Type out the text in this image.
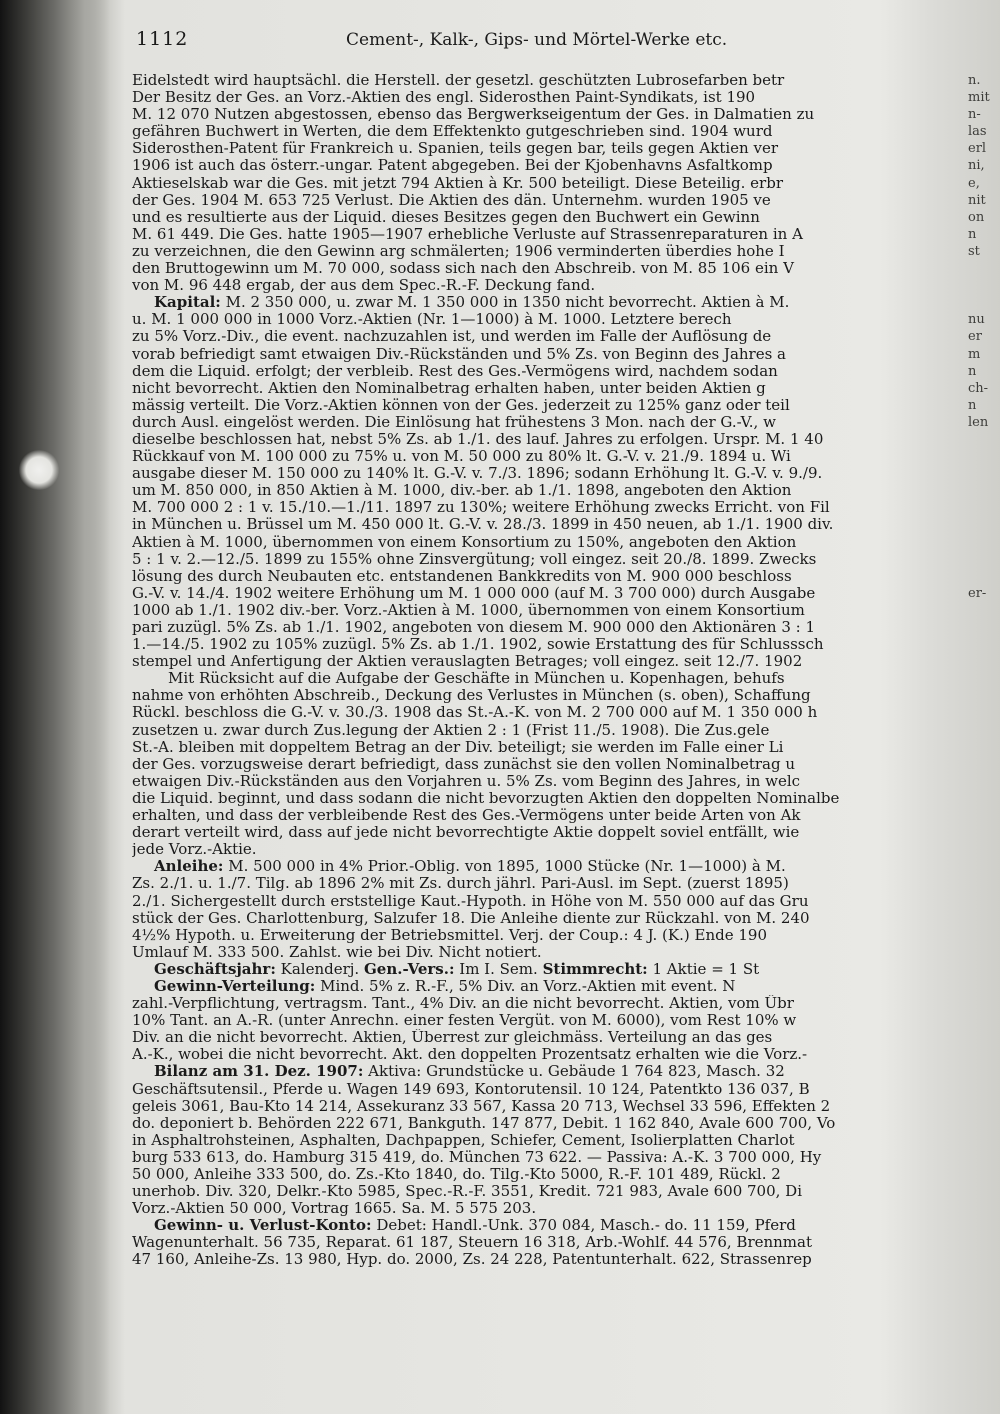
1112	Cement-, Kalk-, Gips- und Mörtel-Werke etc.
Eidelstedt wird hauptsächl. die Herstell. der gesetzl. geschützten Lubrosefarben betr
Der Besitz der Ges. an Vorz.-Aktien des engl. Siderosthen Paint-Syndikats, ist 190
M. 12 070 Nutzen abgestossen, ebenso das Bergwerkseigentum der Ges. in Dalmatien zu
gefähren Buchwert in Werten, die dem Effektenkto gutgeschrieben sind. 1904 wurd
Siderosthen-Patent für Frankreich u. Spanien, teils gegen bar, teils gegen Aktien ver
1906 ist auch das österr.-ungar. Patent abgegeben. Bei der Kjobenhavns Asfaltkomp
Aktieselskab war die Ges. mit jetzt 794 Aktien à Kr. 500 beteiligt. Diese Beteilig. erbr
der Ges. 1904 M. 653 725 Verlust. Die Aktien des dän. Unternehm. wurden 1905 ve
und es resultierte aus der Liquid. dieses Besitzes gegen den Buchwert ein Gewinn
M. 61 449. Die Ges. hatte 1905—1907 erhebliche Verluste auf Strassenreparaturen in A
zu verzeichnen, die den Gewinn arg schmälerten; 1906 verminderten überdies hohe I
den Bruttogewinn um M. 70 000, sodass sich nach den Abschreib. von M. 85 106 ein V
von M. 96 448 ergab, der aus dem Spec.-R.-F. Deckung fand.
Kapital: M. 2 350 000, u. zwar M. 1 350 000 in 1350 nicht bevorrecht. Aktien à M.
u. M. 1 000 000 in 1000 Vorz.-Aktien (Nr. 1—1000) à M. 1000. Letztere berech
zu 5% Vorz.-Div., die event. nachzuzahlen ist, und werden im Falle der Auflösung de
vorab befriedigt samt etwaigen Div.-Rückständen und 5% Zs. von Beginn des Jahres a
dem die Liquid. erfolgt; der verbleib. Rest des Ges.-Vermögens wird, nachdem sodan
nicht bevorrecht. Aktien den Nominalbetrag erhalten haben, unter beiden Aktien g
mässig verteilt. Die Vorz.-Aktien können von der Ges. jederzeit zu 125% ganz oder teil
durch Ausl. eingelöst werden. Die Einlösung hat frühestens 3 Mon. nach der G.-V., w
dieselbe beschlossen hat, nebst 5% Zs. ab 1./1. des lauf. Jahres zu erfolgen. Urspr. M. 1 40
Rückkauf von M. 100 000 zu 75% u. von M. 50 000 zu 80% lt. G.-V. v. 21./9. 1894 u. Wi
ausgabe dieser M. 150 000 zu 140% lt. G.-V. v. 7./3. 1896; sodann Erhöhung lt. G.-V. v. 9./9.
um M. 850 000, in 850 Aktien à M. 1000, div.-ber. ab 1./1. 1898, angeboten den Aktion
M. 700 000 2 : 1 v. 15./10.—1./11. 1897 zu 130%; weitere Erhöhung zwecks Erricht. von Fil
in München u. Brüssel um M. 450 000 lt. G.-V. v. 28./3. 1899 in 450 neuen, ab 1./1. 1900 div.
Aktien à M. 1000, übernommen von einem Konsortium zu 150%, angeboten den Aktion
5 : 1 v. 2.—12./5. 1899 zu 155% ohne Zinsvergütung; voll eingez. seit 20./8. 1899. Zwecks
lösung des durch Neubauten etc. entstandenen Bankkredits von M. 900 000 beschloss
G.-V. v. 14./4. 1902 weitere Erhöhung um M. 1 000 000 (auf M. 3 700 000) durch Ausgabe
1000 ab 1./1. 1902 div.-ber. Vorz.-Aktien à M. 1000, übernommen von einem Konsortium
pari zuzügl. 5% Zs. ab 1./1. 1902, angeboten von diesem M. 900 000 den Aktionären 3 : 1
1.—14./5. 1902 zu 105% zuzügl. 5% Zs. ab 1./1. 1902, sowie Erstattung des für Schlusssch
stempel und Anfertigung der Aktien verauslagten Betrages; voll eingez. seit 12./7. 1902
Mit Rücksicht auf die Aufgabe der Geschäfte in München u. Kopenhagen, behufs
nahme von erhöhten Abschreib., Deckung des Verlustes in München (s. oben), Schaffung
Rückl. beschloss die G.-V. v. 30./3. 1908 das St.-A.-K. von M. 2 700 000 auf M. 1 350 000 h
zusetzen u. zwar durch Zus.legung der Aktien 2 : 1 (Frist 11./5. 1908). Die Zus.gele
St.-A. bleiben mit doppeltem Betrag an der Div. beteiligt; sie werden im Falle einer Li
der Ges. vorzugsweise derart befriedigt, dass zunächst sie den vollen Nominalbetrag u
etwaigen Div.-Rückständen aus den Vorjahren u. 5% Zs. vom Beginn des Jahres, in welc
die Liquid. beginnt, und dass sodann die nicht bevorzugten Aktien den doppelten Nominalbe
erhalten, und dass der verbleibende Rest des Ges.-Vermögens unter beide Arten von Ak
derart verteilt wird, dass auf jede nicht bevorrechtigte Aktie doppelt soviel entfällt, wie
jede Vorz.-Aktie.
Anleihe: M. 500 000 in 4% Prior.-Oblig. von 1895, 1000 Stücke (Nr. 1—1000) à M.
Zs. 2./1. u. 1./7. Tilg. ab 1896 2% mit Zs. durch jährl. Pari-Ausl. im Sept. (zuerst 1895)
2./1. Sichergestellt durch erststellige Kaut.-Hypoth. in Höhe von M. 550 000 auf das Gru
stück der Ges. Charlottenburg, Salzufer 18. Die Anleihe diente zur Rückzahl. von M. 240
4½% Hypoth. u. Erweiterung der Betriebsmittel. Verj. der Coup.: 4 J. (K.) Ende 190
Umlauf M. 333 500. Zahlst. wie bei Div. Nicht notiert.
Geschäftsjahr: Kalenderj. Gen.-Vers.: Im I. Sem. Stimmrecht: 1 Aktie = 1 St
Gewinn-Verteilung: Mind. 5% z. R.-F., 5% Div. an Vorz.-Aktien mit event. N
zahl.-Verpflichtung, vertragsm. Tant., 4% Div. an die nicht bevorrecht. Aktien, vom Übr
10% Tant. an A.-R. (unter Anrechn. einer festen Vergüt. von M. 6000), vom Rest 10% w
Div. an die nicht bevorrecht. Aktien, Überrest zur gleichmäss. Verteilung an das ges
A.-K., wobei die nicht bevorrecht. Akt. den doppelten Prozentsatz erhalten wie die Vorz.-
Bilanz am 31. Dez. 1907: Aktiva: Grundstücke u. Gebäude 1 764 823, Masch. 32
Geschäftsutensil., Pferde u. Wagen 149 693, Kontorutensil. 10 124, Patentkto 136 037, B
geleis 3061, Bau-Kto 14 214, Assekuranz 33 567, Kassa 20 713, Wechsel 33 596, Effekten 2
do. deponiert b. Behörden 222 671, Bankguth. 147 877, Debit. 1 162 840, Avale 600 700, Vo
in Asphaltrohsteinen, Asphalten, Dachpappen, Schiefer, Cement, Isolierplatten Charlot
burg 533 613, do. Hamburg 315 419, do. München 73 622. — Passiva: A.-K. 3 700 000, Hy
50 000, Anleihe 333 500, do. Zs.-Kto 1840, do. Tilg.-Kto 5000, R.-F. 101 489, Rückl. 2
unerhob. Div. 320, Delkr.-Kto 5985, Spec.-R.-F. 3551, Kredit. 721 983, Avale 600 700, Di
Vorz.-Aktien 50 000, Vortrag 1665. Sa. M. 5 575 203.
Gewinn- u. Verlust-Konto: Debet: Handl.-Unk. 370 084, Masch.- do. 11 159, Pferd
Wagenunterhalt. 56 735, Reparat. 61 187, Steuern 16 318, Arb.-Wohlf. 44 576, Brennmat
47 160, Anleihe-Zs. 13 980, Hyp. do. 2000, Zs. 24 228, Patentunterhalt. 622, Strassenrep
n.
mit
n-
las
erl
ni,
e,
nit
on
n
st
nu
er
m
n
ch-
n
len
er-
